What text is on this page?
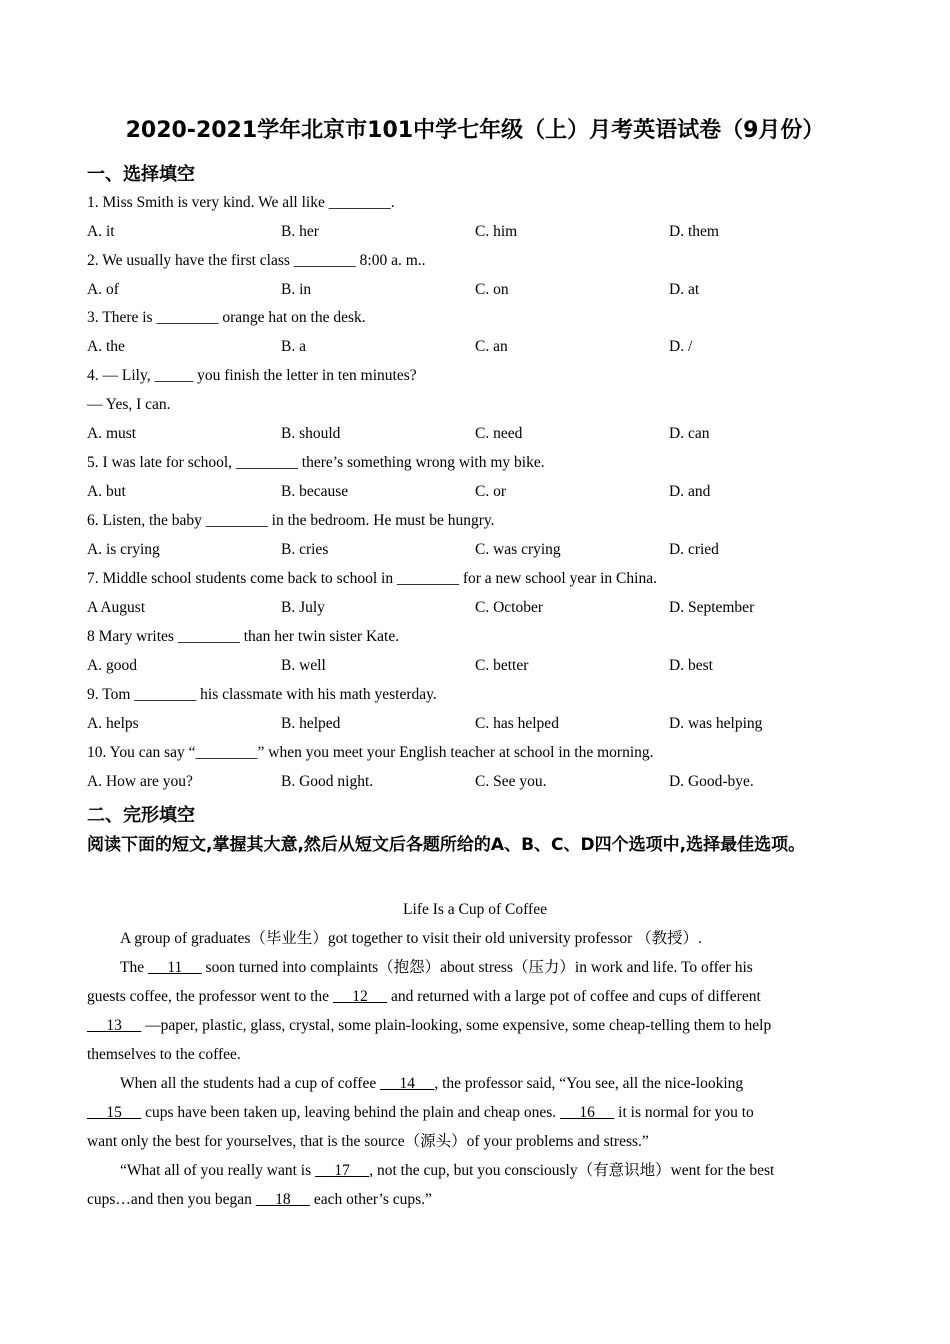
2020-2021学年北京市101中学七年级（上）月考英语试卷（9月份）
一、选择填空
1. Miss Smith is very kind. We all like ________.
A. it	B. her	C. him	D. them
2. We usually have the first class ________ 8:00 a. m..
A. of	B. in	C. on	D. at
3. There is ________ orange hat on the desk.
A. the	B. a	C. an	D. /
4. — Lily, _____ you finish the letter in ten minutes?
— Yes, I can.
A. must	B. should	C. need	D. can
5. I was late for school, ________ there’s something wrong with my bike.
A. but	B. because	C. or	D. and
6. Listen, the baby ________ in the bedroom. He must be hungry.
A. is crying	B. cries	C. was crying	D. cried
7. Middle school students come back to school in ________ for a new school year in China.
A August	B. July	C. October	D. September
8 Mary writes ________ than her twin sister Kate.
A. good	B. well	C. better	D. best
9. Tom ________ his classmate with his math yesterday.
A. helps	B. helped	C. has helped	D. was helping
10. You can say “________” when you meet your English teacher at school in the morning.
A. How are you?	B. Good night.	C. See you.	D. Good-bye.
二、完形填空
阅读下面的短文,掌握其大意,然后从短文后各题所给的A、B、C、D四个选项中,选择最佳选项。
Life Is a Cup of Coffee
A group of graduates（毕业生）got together to visit their old university professor （教授）.
The      11      soon turned into complaints（抱怨）about stress（压力）in work and life. To offer his
guests coffee, the professor went to the      12      and returned with a large pot of coffee and cups of different
13      —paper, plastic, glass, crystal, some plain-looking, some expensive, some cheap-telling them to help
themselves to the coffee.
When all the students had a cup of coffee      14 , the professor said, “You see, all the nice-looking
15      cups have been taken up, leaving behind the plain and cheap ones.      16      it is normal for you to
want only the best for yourselves, that is the source（源头）of your problems and stress.”
“What all of you really want is      17 , not the cup, but you consciously（有意识地）went for the best
cups…and then you began      18      each other’s cups.”
